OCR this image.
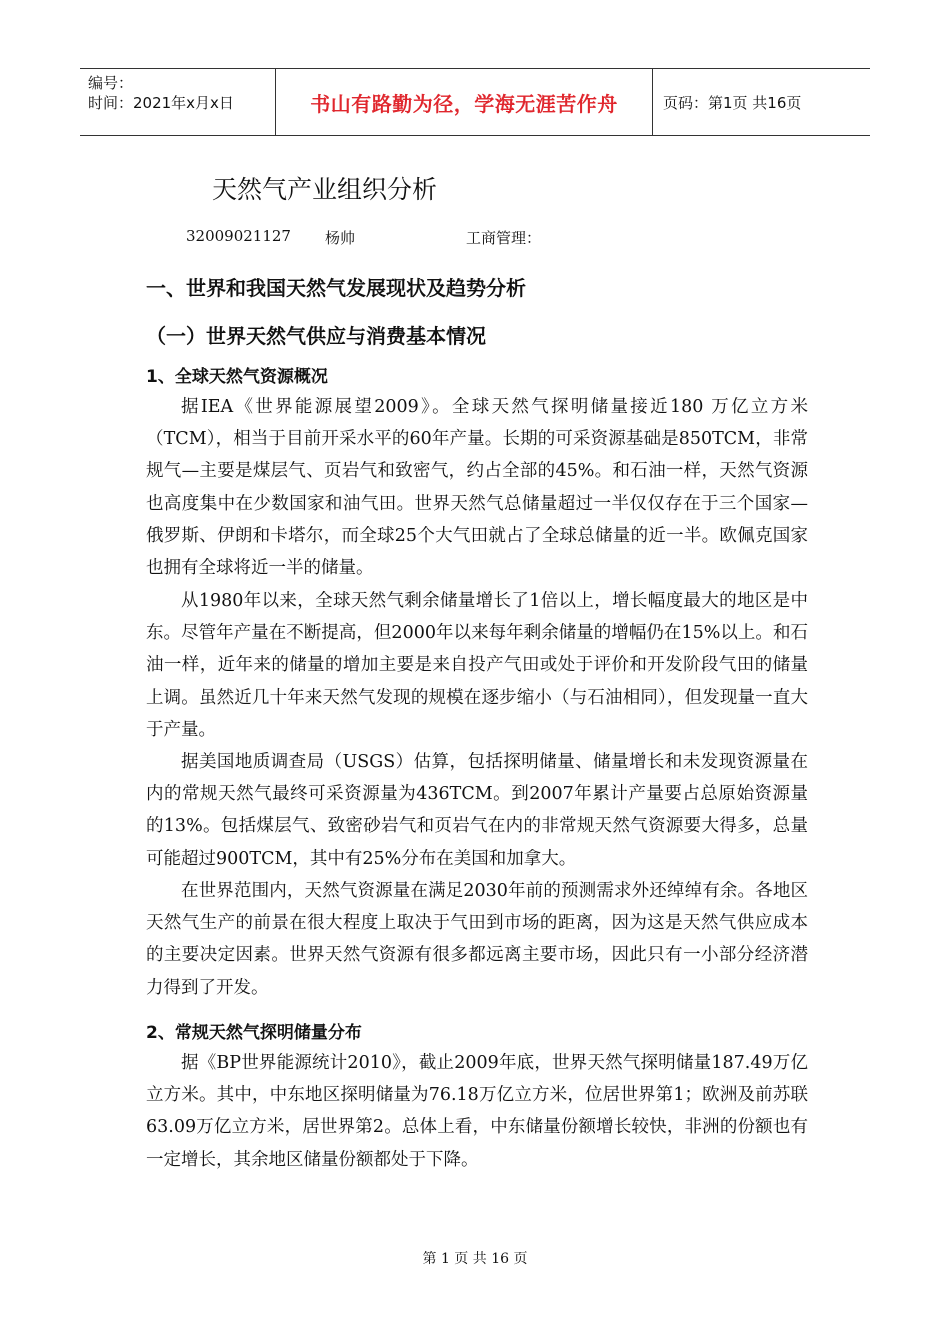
编号：
时间：2021年x月x日	书山有路勤为径，学海无涯苦作舟	页码：第1页 共16页
天然气产业组织分析
32009021127 杨帅	工商管理：
一、世界和我国天然气发展现状及趋势分析
（一）世界天然气供应与消费基本情况
1、全球天然气资源概况

据IEA《世界能源展望2009》。全球天然气探明储量接近180 万亿立方米（TCM），相当于目前开采水平的60年产量。长期的可采资源基础是850TCM，非常规气—主要是煤层气、页岩气和致密气，约占全部的45%。和石油一样，天然气资源也高度集中在少数国家和油气田。世界天然气总储量超过一半仅仅存在于三个国家—俄罗斯、伊朗和卡塔尔，而全球25个大气田就占了全球总储量的近一半。欧佩克国家也拥有全球将近一半的储量。

从1980年以来，全球天然气剩余储量增长了1倍以上，增长幅度最大的地区是中东。尽管年产量在不断提高，但2000年以来每年剩余储量的增幅仍在15%以上。和石油一样，近年来的储量的增加主要是来自投产气田或处于评价和开发阶段气田的储量上调。虽然近几十年来天然气发现的规模在逐步缩小（与石油相同），但发现量一直大于产量。

据美国地质调查局（USGS）估算，包括探明储量、储量增长和未发现资源量在内的常规天然气最终可采资源量为436TCM。到2007年累计产量要占总原始资源量的13%。包括煤层气、致密砂岩气和页岩气在内的非常规天然气资源要大得多，总量可能超过900TCM，其中有25%分布在美国和加拿大。

在世界范围内，天然气资源量在满足2030年前的预测需求外还绰绰有余。各地区天然气生产的前景在很大程度上取决于气田到市场的距离，因为这是天然气供应成本的主要决定因素。世界天然气资源有很多都远离主要市场，因此只有一小部分经济潜力得到了开发。

2、常规天然气探明储量分布

据《BP世界能源统计2010》，截止2009年底，世界天然气探明储量187.49万亿立方米。其中，中东地区探明储量为76.18万亿立方米，位居世界第1；欧洲及前苏联63.09万亿立方米，居世界第2。总体上看，中东储量份额增长较快，非洲的份额也有一定增长，其余地区储量份额都处于下降。

第 1 页 共 16 页
